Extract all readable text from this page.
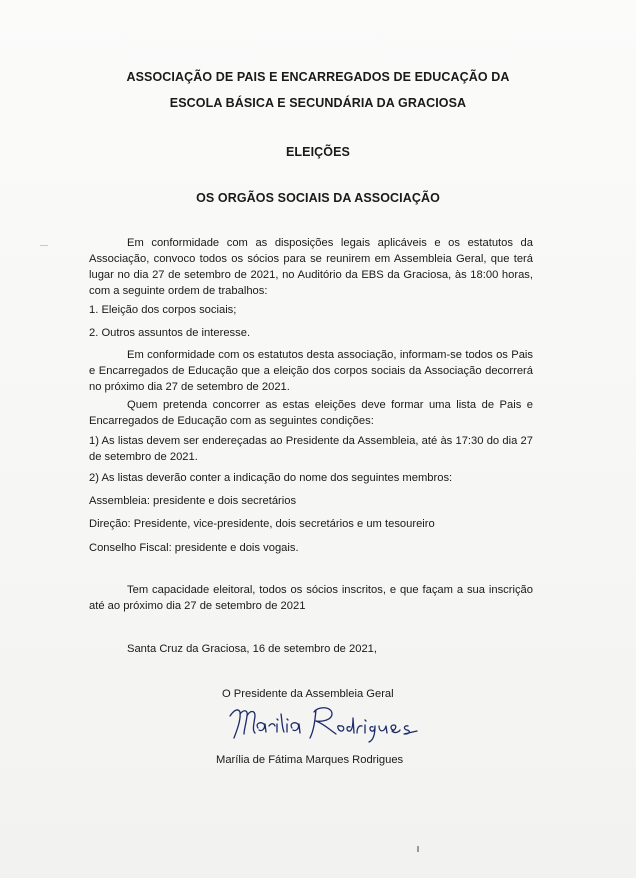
ASSOCIAÇÃO DE PAIS E ENCARREGADOS DE EDUCAÇÃO DA
ESCOLA BÁSICA E SECUNDÁRIA DA GRACIOSA
ELEIÇÕES
OS ORGÃOS SOCIAIS DA ASSOCIAÇÃO
Em conformidade com as disposições legais aplicáveis e os estatutos da Associação, convoco todos os sócios para se reunirem em Assembleia Geral, que terá lugar no dia 27 de setembro de 2021, no Auditório da EBS da Graciosa, às 18:00 horas, com a seguinte ordem de trabalhos:
1. Eleição dos corpos sociais;
2. Outros assuntos de interesse.
Em conformidade com os estatutos desta associação, informam-se todos os Pais e Encarregados de Educação que a eleição dos corpos sociais da Associação decorrerá no próximo dia 27 de setembro de 2021.
Quem pretenda concorrer as estas eleições deve formar uma lista de Pais e Encarregados de Educação com as seguintes condições:
1) As listas devem ser endereçadas ao Presidente da Assembleia, até às 17:30 do dia 27 de setembro de 2021.
2) As listas deverão conter a indicação do nome dos seguintes membros:
Assembleia: presidente e dois secretários
Direção: Presidente, vice-presidente, dois secretários e um tesoureiro
Conselho Fiscal: presidente e dois vogais.
Tem capacidade eleitoral, todos os sócios inscritos, e que façam a sua inscrição até ao próximo dia 27 de setembro de 2021
Santa Cruz da Graciosa, 16 de setembro de 2021,
O Presidente da Assembleia Geral
Marília de Fátima Marques Rodrigues
